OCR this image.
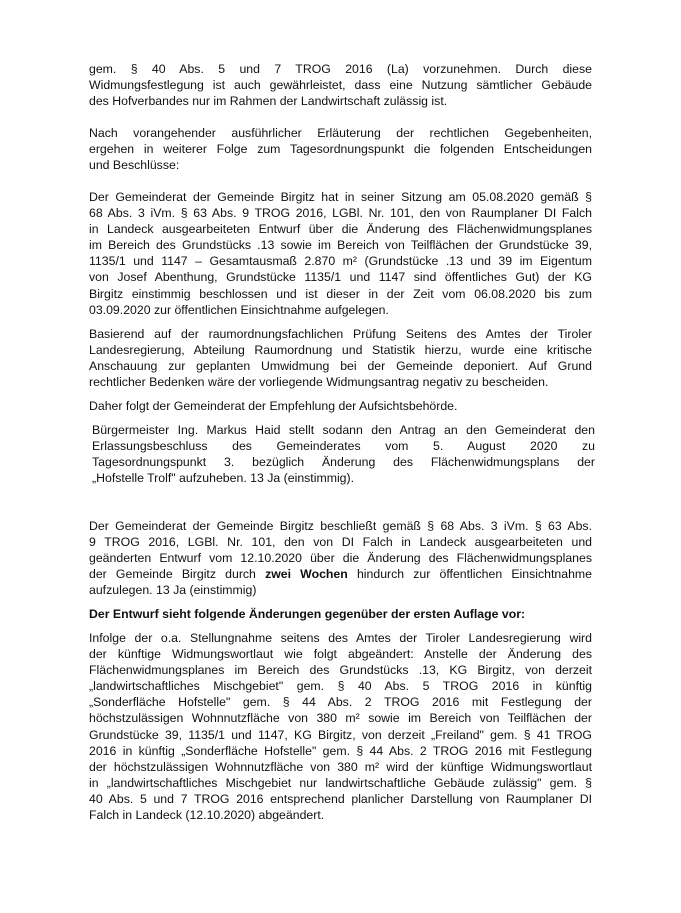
gem. § 40 Abs. 5 und 7 TROG 2016 (La) vorzunehmen. Durch diese
Widmungsfestlegung ist auch gewährleistet, dass eine Nutzung sämtlicher Gebäude
des Hofverbandes nur im Rahmen der Landwirtschaft zulässig ist.
Nach vorangehender ausführlicher Erläuterung der rechtlichen Gegebenheiten,
ergehen in weiterer Folge zum Tagesordnungspunkt die folgenden Entscheidungen
und Beschlüsse:
Der Gemeinderat der Gemeinde Birgitz hat in seiner Sitzung am 05.08.2020 gemäß §
68 Abs. 3 iVm. § 63 Abs. 9 TROG 2016, LGBl. Nr. 101, den von Raumplaner DI Falch
in Landeck ausgearbeiteten Entwurf über die Änderung des Flächenwidmungsplanes
im Bereich des Grundstücks .13 sowie im Bereich von Teilflächen der Grundstücke 39,
1135/1 und 1147 – Gesamtausmaß 2.870 m² (Grundstücke .13 und 39 im Eigentum
von Josef Abenthung, Grundstücke 1135/1 und 1147 sind öffentliches Gut) der KG
Birgitz einstimmig beschlossen und ist dieser in der Zeit vom 06.08.2020 bis zum
03.09.2020 zur öffentlichen Einsichtnahme aufgelegen.
Basierend auf der raumordnungsfachlichen Prüfung Seitens des Amtes der Tiroler
Landesregierung, Abteilung Raumordnung und Statistik hierzu, wurde eine kritische
Anschauung zur geplanten Umwidmung bei der Gemeinde deponiert. Auf Grund
rechtlicher Bedenken wäre der vorliegende Widmungsantrag negativ zu bescheiden.
Daher folgt der Gemeinderat der Empfehlung der Aufsichtsbehörde.
Bürgermeister Ing. Markus Haid stellt sodann den Antrag an den Gemeinderat den
Erlassungsbeschluss des Gemeinderates vom 5. August 2020 zu
Tagesordnungspunkt 3. bezüglich Änderung des Flächenwidmungsplans der
„Hofstelle Trolf" aufzuheben. 13 Ja (einstimmig).
Der Gemeinderat der Gemeinde Birgitz beschließt gemäß § 68 Abs. 3 iVm. § 63 Abs.
9 TROG 2016, LGBl. Nr. 101, den von DI Falch in Landeck ausgearbeiteten und
geänderten Entwurf vom 12.10.2020 über die Änderung des Flächenwidmungsplanes
der Gemeinde Birgitz durch zwei Wochen hindurch zur öffentlichen Einsichtnahme
aufzulegen. 13 Ja (einstimmig)
Der Entwurf sieht folgende Änderungen gegenüber der ersten Auflage vor:
Infolge der o.a. Stellungnahme seitens des Amtes der Tiroler Landesregierung wird
der künftige Widmungswortlaut wie folgt abgeändert: Anstelle der Änderung des
Flächenwidmungsplanes im Bereich des Grundstücks .13, KG Birgitz, von derzeit
„landwirtschaftliches Mischgebiet" gem. § 40 Abs. 5 TROG 2016 in künftig
„Sonderfläche Hofstelle" gem. § 44 Abs. 2 TROG 2016 mit Festlegung der
höchstzulässigen Wohnnutzfläche von 380 m² sowie im Bereich von Teilflächen der
Grundstücke 39, 1135/1 und 1147, KG Birgitz, von derzeit „Freiland" gem. § 41 TROG
2016 in künftig „Sonderfläche Hofstelle" gem. § 44 Abs. 2 TROG 2016 mit Festlegung
der höchstzulässigen Wohnnutzfläche von 380 m² wird der künftige Widmungswortlaut
in „landwirtschaftliches Mischgebiet nur landwirtschaftliche Gebäude zulässig" gem. §
40 Abs. 5 und 7 TROG 2016 entsprechend planlicher Darstellung von Raumplaner DI
Falch in Landeck (12.10.2020) abgeändert.
